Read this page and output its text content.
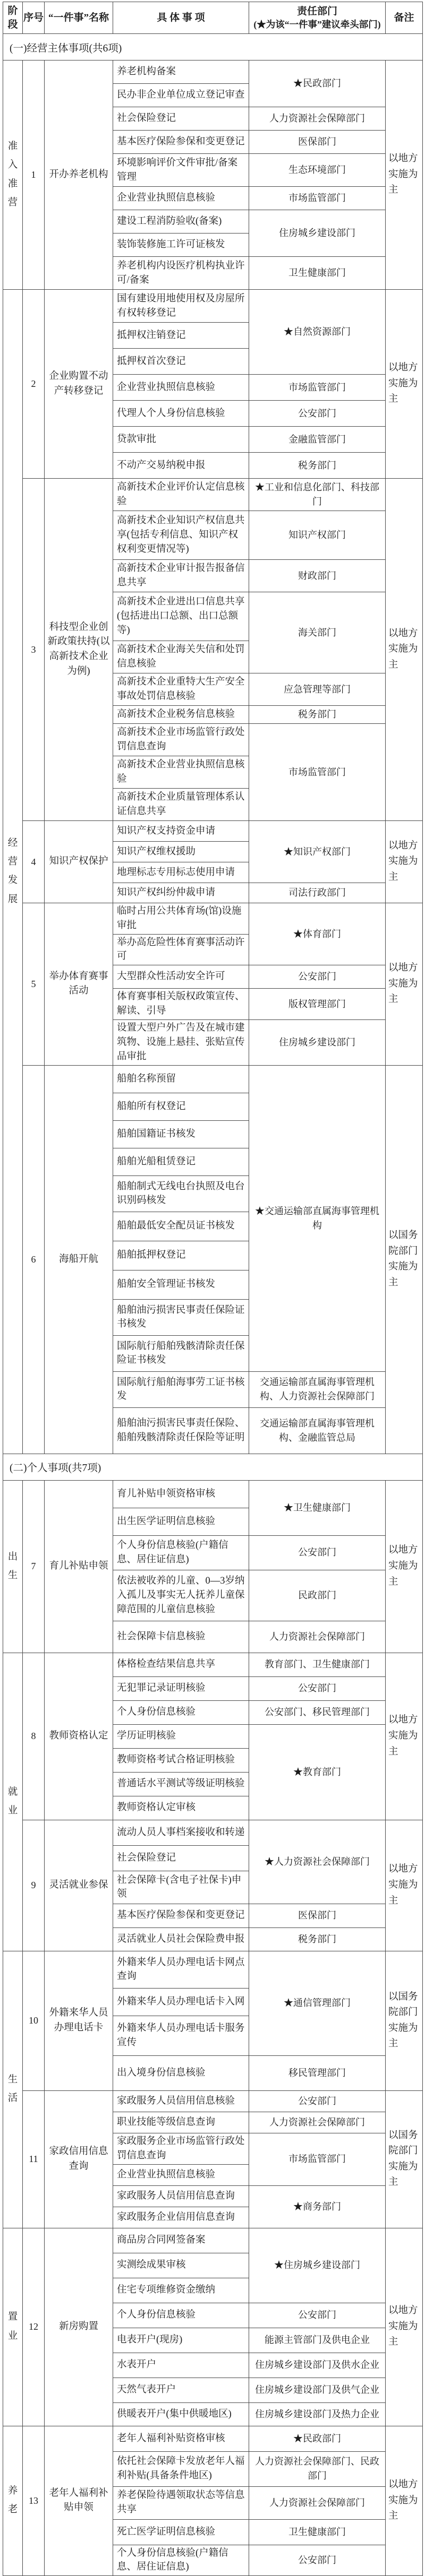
阶段	序号	“一件事”名称	具 体 事 项	责任部门
(★为该“一件事”建议牵头部门)	备注
(一)经营主体事项(共6项)					
准入准营	1	开办养老机构	养老机构备案	★民政部门	以地方实施为主
			民办非企业单位成立登记审查		
			社会保险登记	人力资源社会保障部门	
			基本医疗保险参保和变更登记	医保部门	
			环境影响评价文件审批/备案管理	生态环境部门	
			企业营业执照信息核验	市场监管部门	
			建设工程消防验收(备案)	住房城乡建设部门	
			装饰装修施工许可证核发		
			养老机构内设医疗机构执业许可/备案	卫生健康部门	
经营发展	2	企业购置不动产转移登记	国有建设用地使用权及房屋所有权转移登记	★自然资源部门	以地方实施为主
			抵押权注销登记		
			抵押权首次登记		
			企业营业执照信息核验	市场监管部门	
			代理人个人身份信息核验	公安部门	
			贷款审批	金融监管部门	
			不动产交易纳税申报	税务部门	
	3	科技型企业创新政策扶持(以高新技术企业为例)	高新技术企业评价认定信息核验	★工业和信息化部门、科技部门	以地方实施为主
			高新技术企业知识产权信息共享(包括专利信息、知识产权权利变更情况等)	知识产权部门	
			高新技术企业审计报告报备信息共享	财政部门	
			高新技术企业进出口信息共享(包括进出口总额、出口总额等)	海关部门	
			高新技术企业海关失信和处罚信息核验		
			高新技术企业重特大生产安全事故处罚信息核验	应急管理等部门	
			高新技术企业税务信息核验	税务部门	
			高新技术企业市场监管行政处罚信息查询	市场监管部门	
			高新技术企业营业执照信息核验		
			高新技术企业质量管理体系认证信息共享		
	4	知识产权保护	知识产权支持资金申请	★知识产权部门	以地方实施为主
			知识产权维权援助		
			地理标志专用标志使用申请		
			知识产权纠纷仲裁申请	司法行政部门	
	5	举办体育赛事活动	临时占用公共体育场(馆)设施审批	★体育部门	以地方实施为主
			举办高危险性体育赛事活动许可		
			大型群众性活动安全许可	公安部门	
			体育赛事相关版权政策宣传、解读、引导	版权管理部门	
			设置大型户外广告及在城市建筑物、设施上悬挂、张贴宣传品审批	住房城乡建设部门	
	6	海船开航	船舶名称预留	★交通运输部直属海事管理机构	以国务院部门实施为主
			船舶所有权登记		
			船舶国籍证书核发		
			船舶光船租赁登记		
			船舶制式无线电台执照及电台识别码核发		
			船舶最低安全配员证书核发		
			船舶抵押权登记		
			船舶安全管理证书核发		
			船舶油污损害民事责任保险证书核发		
			国际航行船舶残骸清除责任保险证书核发		
			国际航行船舶海事劳工证书核发	交通运输部直属海事管理机构、人力资源社会保障部门	
			船舶油污损害民事责任保险、船舶残骸清除责任保险等证明	交通运输部直属海事管理机构、金融监管总局	
(二)个人事项(共7项)					
出生	7	育儿补贴申领	育儿补贴申领资格审核	★卫生健康部门	以地方实施为主
			出生医学证明信息核验		
			个人身份信息核验(户籍信息、居住证信息)	公安部门	
			依法被收养的儿童、0—3岁纳入孤儿及事实无人抚养儿童保障范围的儿童信息核验	民政部门	
			社会保障卡信息核验	人力资源社会保障部门	
就业	8	教师资格认定	体格检查结果信息共享	教育部门、卫生健康部门	以地方实施为主
			无犯罪记录证明核验	公安部门	
			个人身份信息核验	公安部门、移民管理部门	
			学历证明核验	★教育部门	
			教师资格考试合格证明核验		
			普通话水平测试等级证明核验		
			教师资格认定审核		
	9	灵活就业参保	流动人员人事档案接收和转递	★人力资源社会保障部门	以地方实施为主
			社会保险登记		
			社会保障卡(含电子社保卡)申领		
			基本医疗保险参保和变更登记	医保部门	
			灵活就业人员社会保险费申报	税务部门	
生活	10	外籍来华人员办理电话卡	外籍来华人员办理电话卡网点查询	★通信管理部门	以国务院部门实施为主
			外籍来华人员办理电话卡入网		
			外籍来华人员办理电话卡服务宣传		
			出入境身份信息核验	移民管理部门	
	11	家政信用信息查询	家政服务人员信用信息核验	公安部门	以国务院部门实施为主
			职业技能等级信息查询	人力资源社会保障部门	
			家政服务企业市场监管行政处罚信息查询	市场监管部门	
			企业营业执照信息核验		
			家政服务人员信用信息查询	★商务部门	
			家政服务企业信用信息查询		
置业	12	新房购置	商品房合同网签备案	★住房城乡建设部门	以地方实施为主
			实测绘成果审核		
			住宅专项维修资金缴纳		
			个人身份信息核验	公安部门	
			电表开户(现房)	能源主管部门及供电企业	
			水表开户	住房城乡建设部门及供水企业	
			天然气表开户	住房城乡建设部门及供气企业	
			供暖表开户(集中供暖地区)	住房城乡建设部门及热力企业	
养老	13	老年人福利补贴申领	老年人福利补贴资格审核	★民政部门	以地方实施为主
			依托社会保障卡发放老年人福利补贴(具备条件地区)	人力资源社会保障部门、民政部门	
			养老保险待遇领取状态等信息共享	人力资源社会保障部门	
			死亡医学证明信息核验	卫生健康部门	
			个人身份信息核验(户籍信息、居住证信息)	公安部门	
